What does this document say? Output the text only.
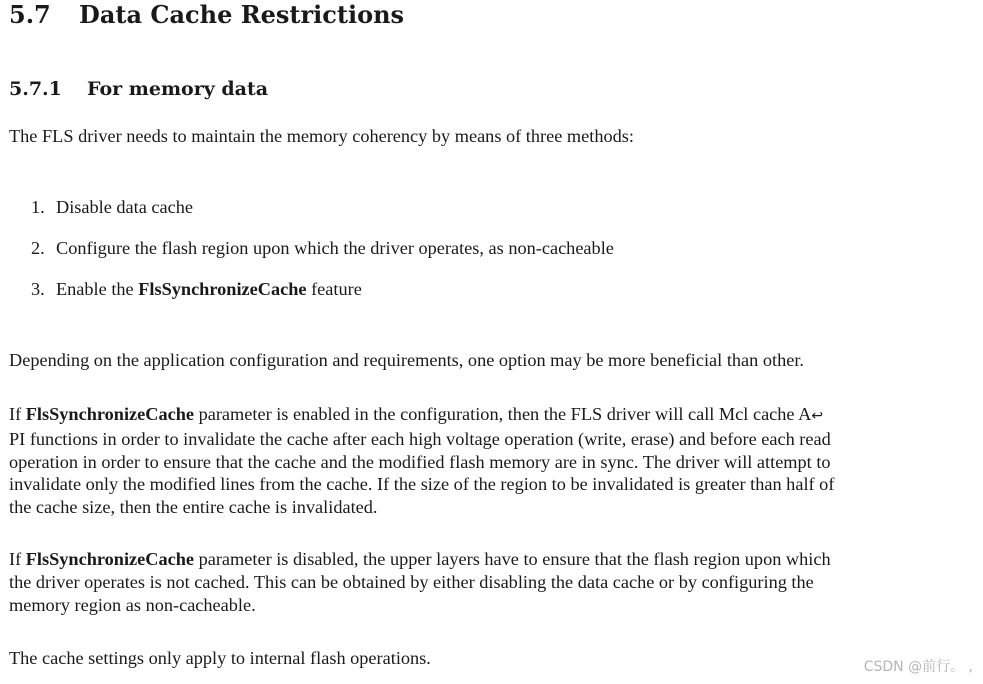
5.7 Data Cache Restrictions
5.7.1 For memory data
The FLS driver needs to maintain the memory coherency by means of three methods:
1. Disable data cache
2. Configure the flash region upon which the driver operates, as non-cacheable
3. Enable the FlsSynchronizeCache feature
Depending on the application configuration and requirements, one option may be more beneficial than other.
If FlsSynchronizeCache parameter is enabled in the configuration, then the FLS driver will call Mcl cache A↩
PI functions in order to invalidate the cache after each high voltage operation (write, erase) and before each read
operation in order to ensure that the cache and the modified flash memory are in sync. The driver will attempt to
invalidate only the modified lines from the cache. If the size of the region to be invalidated is greater than half of
the cache size, then the entire cache is invalidated.
If FlsSynchronizeCache parameter is disabled, the upper layers have to ensure that the flash region upon which
the driver operates is not cached. This can be obtained by either disabling the data cache or by configuring the
memory region as non-cacheable.
The cache settings only apply to internal flash operations.	CSDN @前行。 ,
